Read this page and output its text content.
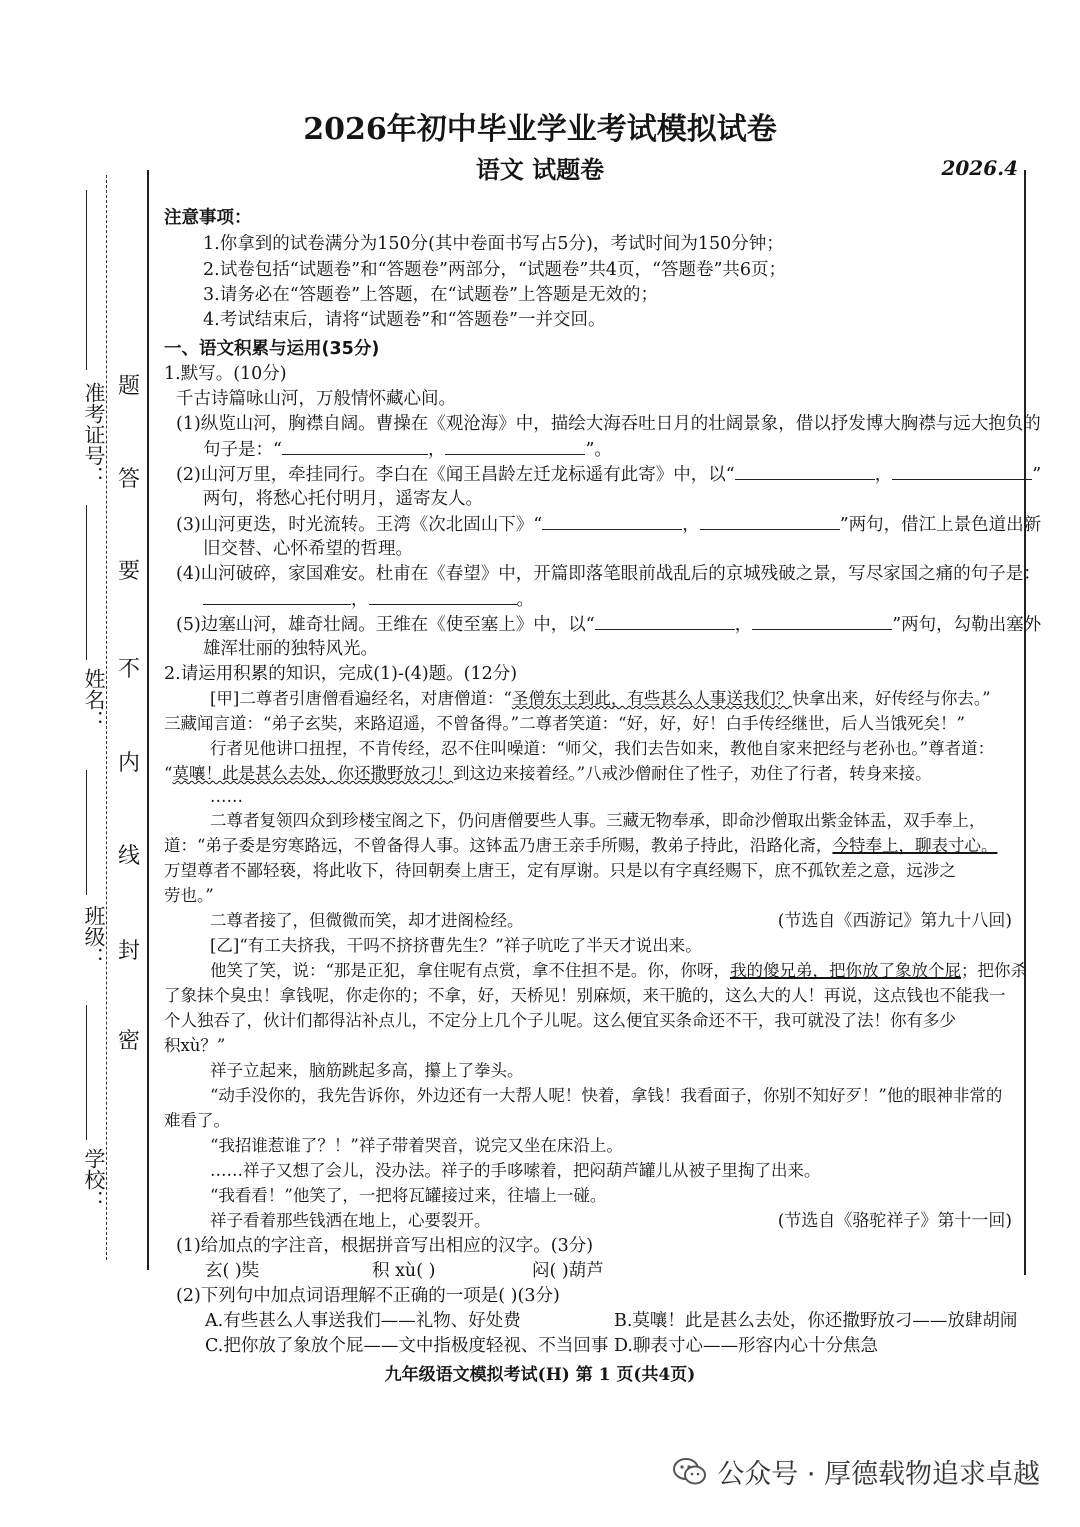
2026年初中毕业学业考试模拟试卷
语文 试题卷	2026.4
准考证号：
姓名：
班级：
学校：
题
答
要
不
内
线
封
密
注意事项：
1.你拿到的试卷满分为150分(其中卷面书写占5分)，考试时间为150分钟；
2.试卷包括“试题卷”和“答题卷”两部分，“试题卷”共4页，“答题卷”共6页；
3.请务必在“答题卷”上答题，在“试题卷”上答题是无效的；
4.考试结束后，请将“试题卷”和“答题卷”一并交回。
一、语文积累与运用(35分)
1.默写。(10分)
千古诗篇咏山河，万般情怀藏心间。
(1)纵览山河，胸襟自阔。曹操在《观沧海》中，描绘大海吞吐日月的壮阔景象，借以抒发博大胸襟与远大抱负的
句子是：“	，	”。
(2)山河万里，牵挂同行。李白在《闻王昌龄左迁龙标遥有此寄》中，以“	，	”
两句，将愁心托付明月，遥寄友人。
(3)山河更迭，时光流转。王湾《次北固山下》“	，	”两句，借江上景色道出新
旧交替、心怀希望的哲理。
(4)山河破碎，家国难安。杜甫在《春望》中，开篇即落笔眼前战乱后的京城残破之景，写尽家国之痛的句子是：
，	。
(5)边塞山河，雄奇壮阔。王维在《使至塞上》中，以“	，	”两句，勾勒出塞外
雄浑壮丽的独特风光。
2.请运用积累的知识，完成(1)-(4)题。(12分)
[甲]二尊者引唐僧看遍经名，对唐僧道：“圣僧东土到此，有些甚么人事送我们？快拿出来，好传经与你去。”
三藏闻言道：“弟子玄奘，来路迢遥，不曾备得。”二尊者笑道：“好，好，好！白手传经继世，后人当饿死矣！”
行者见他讲口扭捏，不肯传经，忍不住叫噪道：“师父，我们去告如来，教他自家来把经与老孙也。”尊者道：
“莫嚷！此是甚么去处，你还撒野放刁！到这边来接着经。”八戒沙僧耐住了性子，劝住了行者，转身来接。
……
二尊者复领四众到珍楼宝阁之下，仍问唐僧要些人事。三藏无物奉承，即命沙僧取出紫金钵盂，双手奉上，
道：“弟子委是穷寒路远，不曾备得人事。这钵盂乃唐王亲手所赐，教弟子持此，沿路化斋，今特奉上，聊表寸心。
万望尊者不鄙轻亵，将此收下，待回朝奏上唐王，定有厚谢。只是以有字真经赐下，庶不孤钦差之意，远涉之
劳也。”
二尊者接了，但微微而笑，却才进阁检经。	(节选自《西游记》第九十八回)
[乙]“有工夫挤我，干吗不挤挤曹先生？”祥子吭吃了半天才说出来。
他笑了笑，说：“那是正犯，拿住呢有点赏，拿不住担不是。你，你呀，我的傻兄弟，把你放了象放个屁；把你杀
了象抹个臭虫！拿钱呢，你走你的；不拿，好，天桥见！别麻烦，来干脆的，这么大的人！再说，这点钱也不能我一
个人独吞了，伙计们都得沾补点儿，不定分上几个子儿呢。这么便宜买条命还不干，我可就没了法！你有多少
积xù？”
祥子立起来，脑筋跳起多高，攥上了拳头。
“动手没你的，我先告诉你，外边还有一大帮人呢！快着，拿钱！我看面子，你别不知好歹！”他的眼神非常的
难看了。
“我招谁惹谁了？！”祥子带着哭音，说完又坐在床沿上。
……祥子又想了会儿，没办法。祥子的手哆嗦着，把闷葫芦罐儿从被子里掏了出来。
“我看看！”他笑了，一把将瓦罐接过来，往墙上一碰。
祥子看着那些钱洒在地上，心要裂开。	(节选自《骆驼祥子》第十一回)
(1)给加点的字注音，根据拼音写出相应的汉字。(3分)
玄( )奘	积 xù( )	闷( )葫芦
(2)下列句中加点词语理解不正确的一项是( )(3分)
A.有些甚么人事送我们——礼物、好处费	B.莫嚷！此是甚么去处，你还撒野放刁——放肆胡闹
C.把你放了象放个屁——文中指极度轻视、不当回事 D.聊表寸心——形容内心十分焦急
九年级语文模拟考试(H) 第 1 页(共4页)
公众号 · 厚德载物追求卓越
